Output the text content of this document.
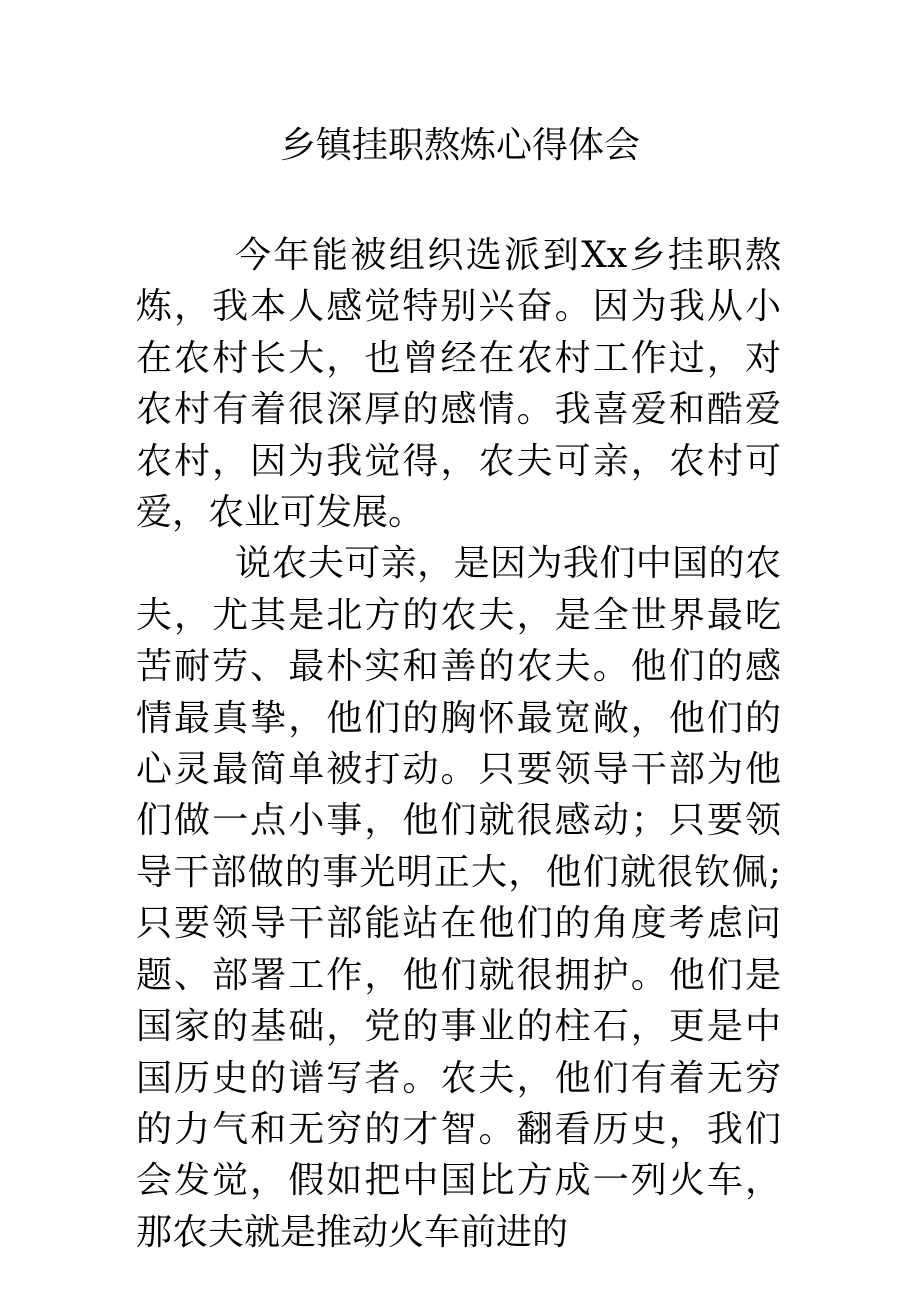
乡镇挂职熬炼心得体会

今年能被组织选派到Xx乡挂职熬炼，我本人感觉特别兴奋。因为我从小在农村长大，也曾经在农村工作过，对农村有着很深厚的感情。我喜爱和酷爱农村，因为我觉得，农夫可亲，农村可爱，农业可发展。

说农夫可亲，是因为我们中国的农夫，尤其是北方的农夫，是全世界最吃苦耐劳、最朴实和善的农夫。他们的感情最真挚，他们的胸怀最宽敞，他们的心灵最简单被打动。只要领导干部为他们做一点小事，他们就很感动；只要领导干部做的事光明正大，他们就很钦佩;只要领导干部能站在他们的角度考虑问题、部署工作，他们就很拥护。他们是国家的基础，党的事业的柱石，更是中国历史的谱写者。农夫，他们有着无穷的力气和无穷的才智。翻看历史，我们会发觉，假如把中国比方成一列火车，那农夫就是推动火车前进的
